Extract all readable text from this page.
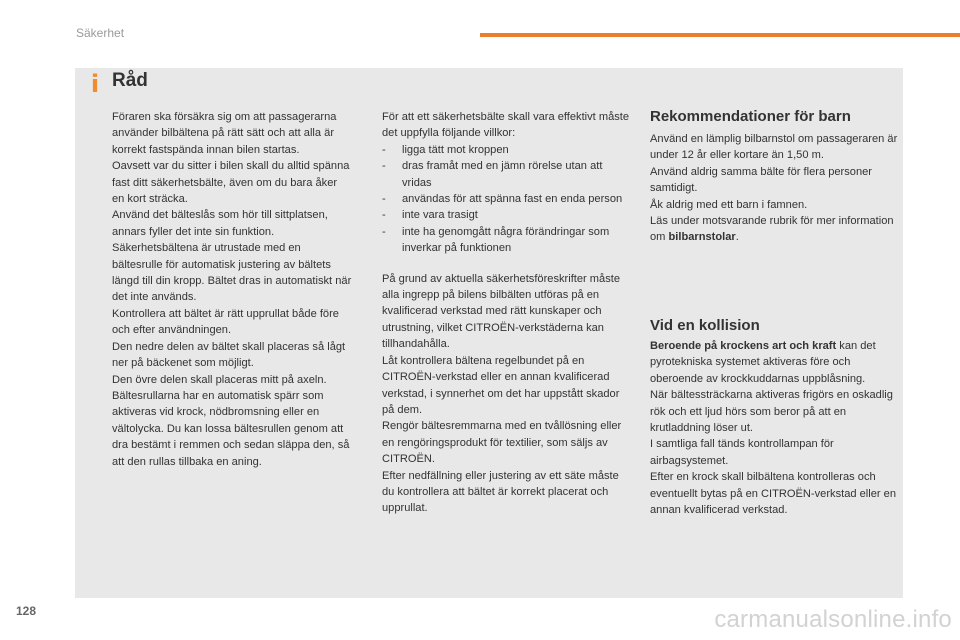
Säkerhet
i Råd

Föraren ska försäkra sig om att passagerarna använder bilbältena på rätt sätt och att alla är korrekt fastspända innan bilen startas.

Oavsett var du sitter i bilen skall du alltid spänna fast ditt säkerhetsbälte, även om du bara åker en kort sträcka.

Använd det bälteslås som hör till sittplatsen, annars fyller det inte sin funktion.

Säkerhetsbältena är utrustade med en bältesrulle för automatisk justering av bältets längd till din kropp. Bältet dras in automatiskt när det inte används.

Kontrollera att bältet är rätt upprullat både före och efter användningen.

Den nedre delen av bältet skall placeras så lågt ner på bäckenet som möjligt.

Den övre delen skall placeras mitt på axeln.

Bältesrullarna har en automatisk spärr som aktiveras vid krock, nödbromsning eller en vältolycka. Du kan lossa bältesrullen genom att dra bestämt i remmen och sedan släppa den, så att den rullas tillbaka en aning.

För att ett säkerhetsbälte skall vara effektivt måste det uppfylla följande villkor:

- ligga tätt mot kroppen
- dras framåt med en jämn rörelse utan att vridas
- användas för att spänna fast en enda person
- inte vara trasigt
- inte ha genomgått några förändringar som inverkar på funktionen

På grund av aktuella säkerhetsföreskrifter måste alla ingrepp på bilens bilbälten utföras på en kvalificerad verkstad med rätt kunskaper och utrustning, vilket CITROËN-verkstäderna kan tillhandahålla.

Låt kontrollera bältena regelbundet på en CITROËN-verkstad eller en annan kvalificerad verkstad, i synnerhet om det har uppstått skador på dem.

Rengör bältesremmarna med en tvållösning eller en rengöringsprodukt för textilier, som säljs av CITROËN.

Efter nedfällning eller justering av ett säte måste du kontrollera att bältet är korrekt placerat och upprullat.

Rekommendationer för barn

Använd en lämplig bilbarnstol om passageraren är under 12 år eller kortare än 1,50 m.

Använd aldrig samma bälte för flera personer samtidigt.

Åk aldrig med ett barn i famnen.

Läs under motsvarande rubrik för mer information om bilbarnstolar.

Vid en kollision

Beroende på krockens art och kraft kan det pyrotekniska systemet aktiveras före och oberoende av krockkuddarnas uppblåsning.

När bältessträckarna aktiveras frigörs en oskadlig rök och ett ljud hörs som beror på att en krutladdning löser ut.

I samtliga fall tänds kontrollampan för airbagsystemet.

Efter en krock skall bilbältena kontrolleras och eventuellt bytas på en CITROËN-verkstad eller en annan kvalificerad verkstad.

128	carmanualsonline.info
